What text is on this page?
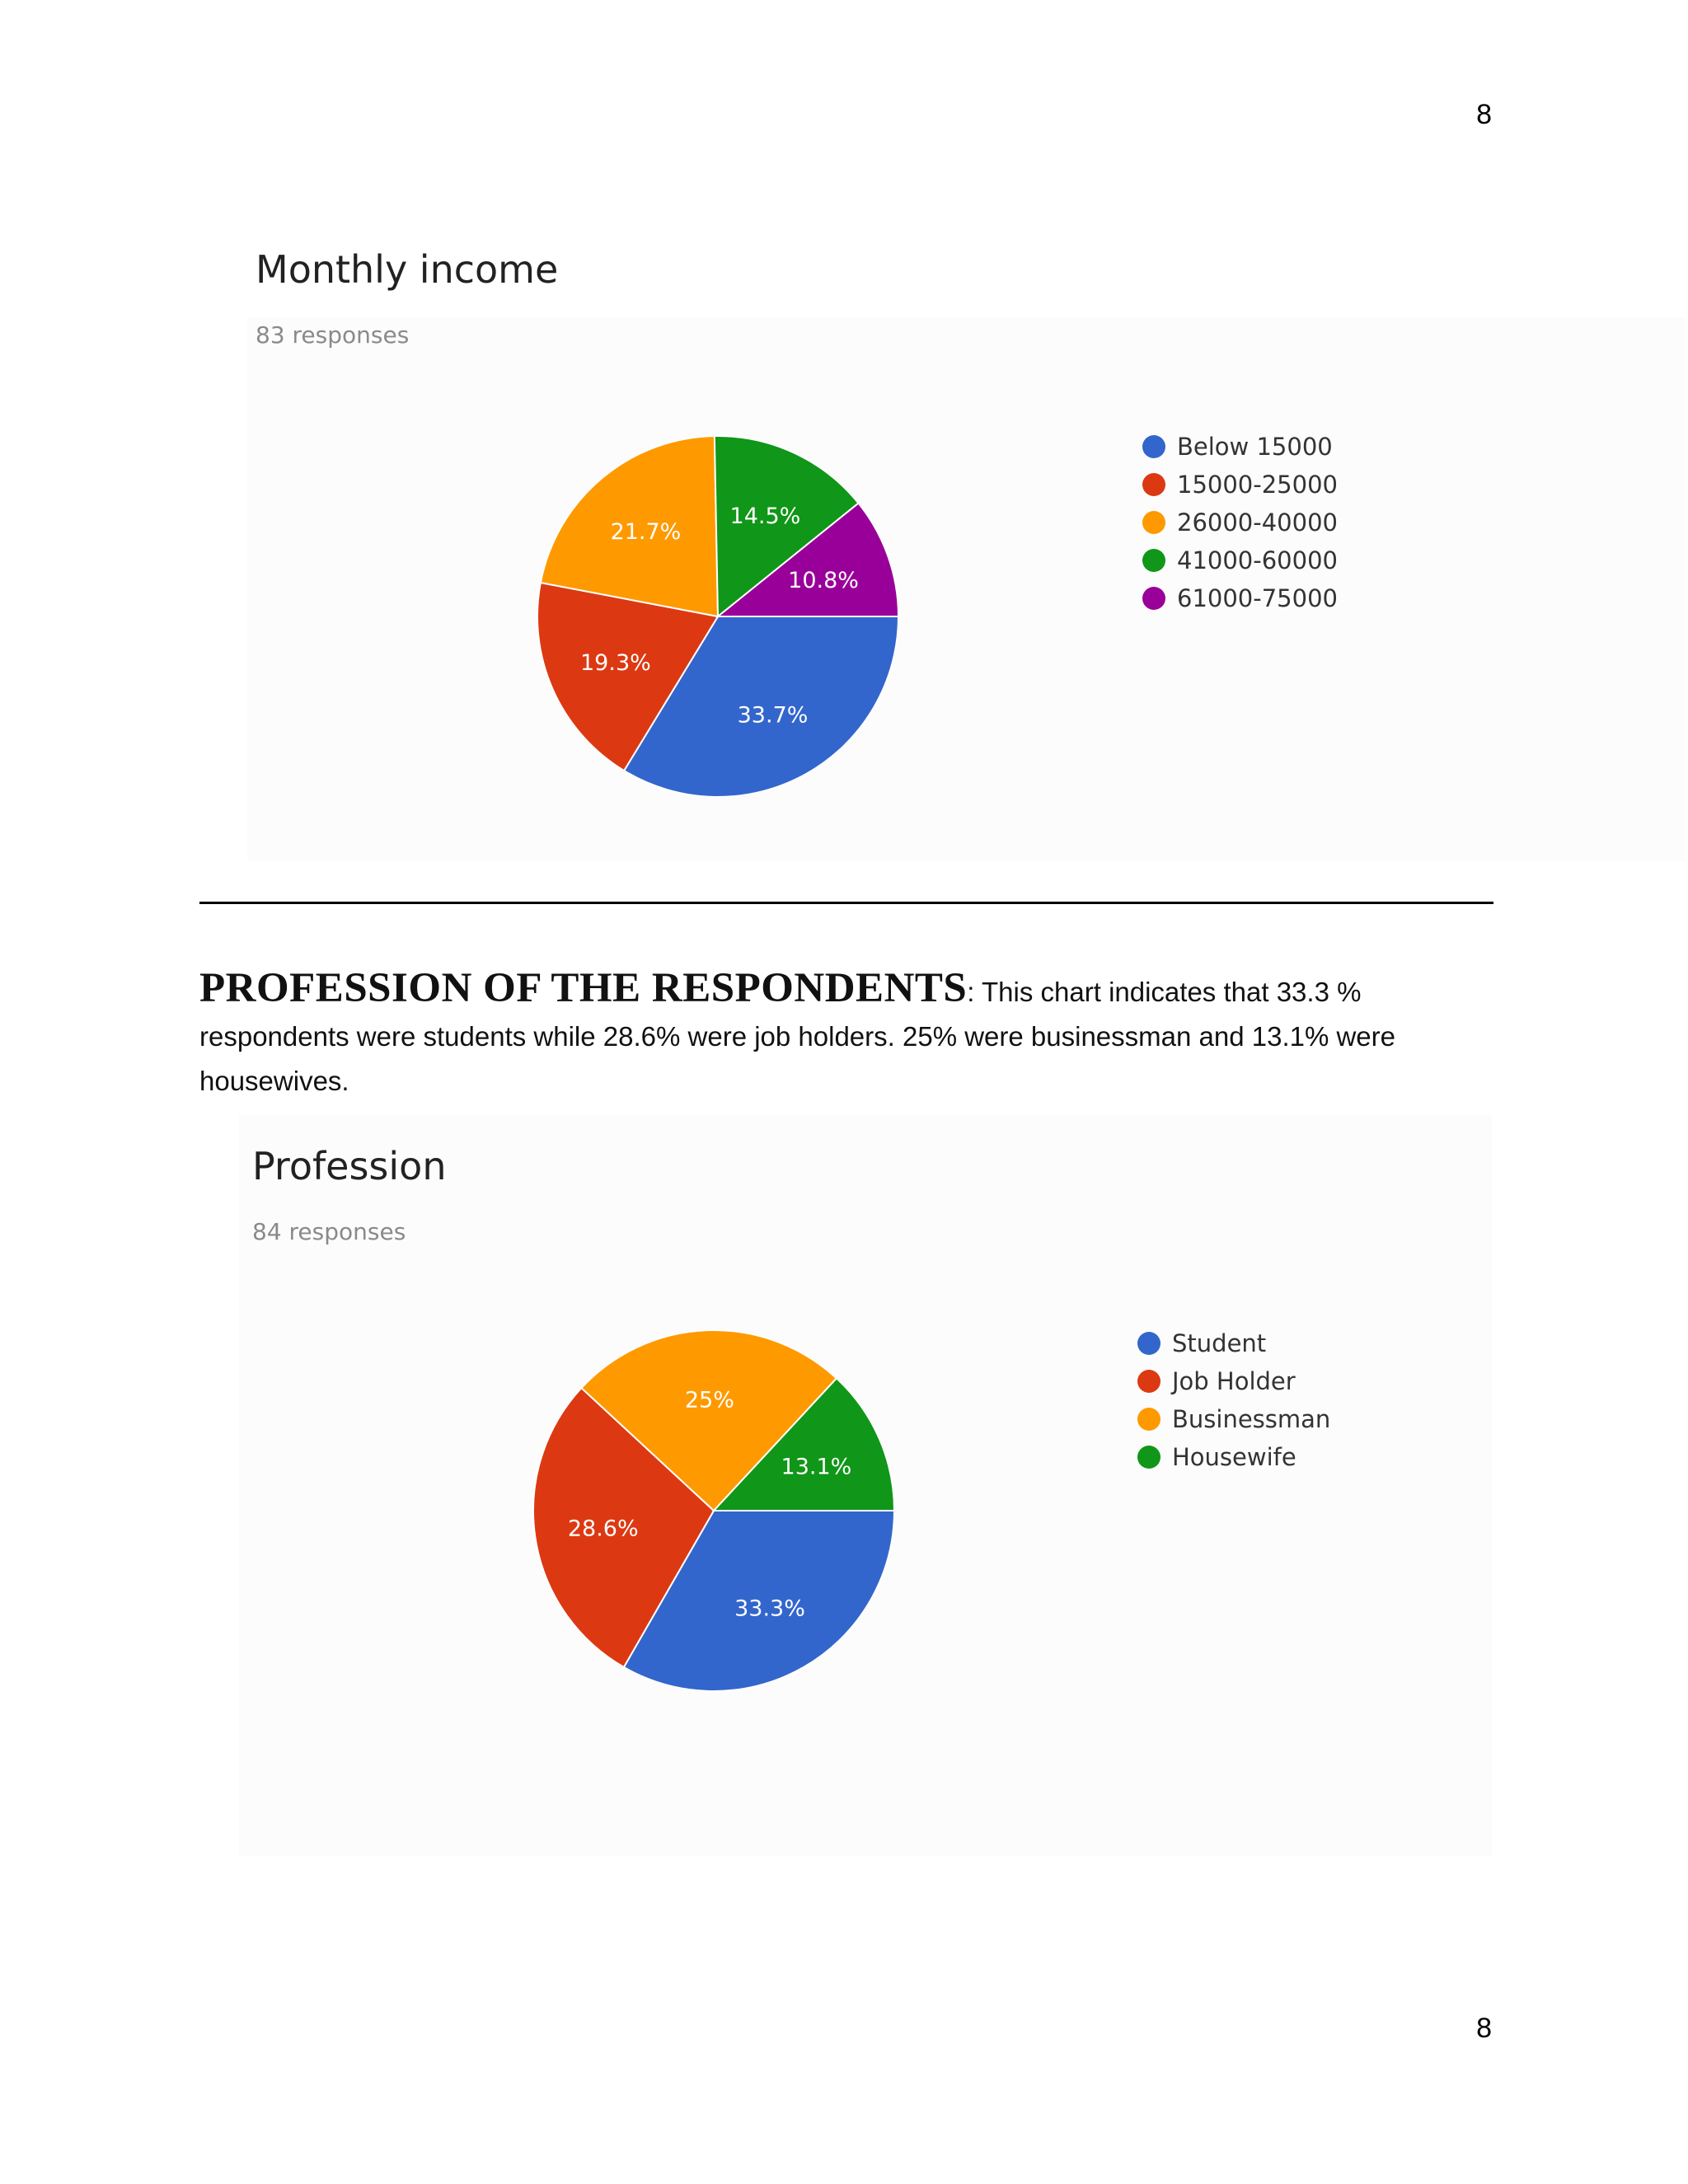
8
Monthly income
83 responses
33.7%
19.3%
21.7%
14.5%
10.8%
Below 15000
15000-25000
26000-40000
41000-60000
61000-75000
PROFESSION OF THE RESPONDENTS: This chart indicates that 33.3 % respondents were students while 28.6% were job holders. 25% were businessman and 13.1% were housewives.
Profession
84 responses
33.3%
28.6%
25%
13.1%
Student
Job Holder
Businessman
Housewife
8
